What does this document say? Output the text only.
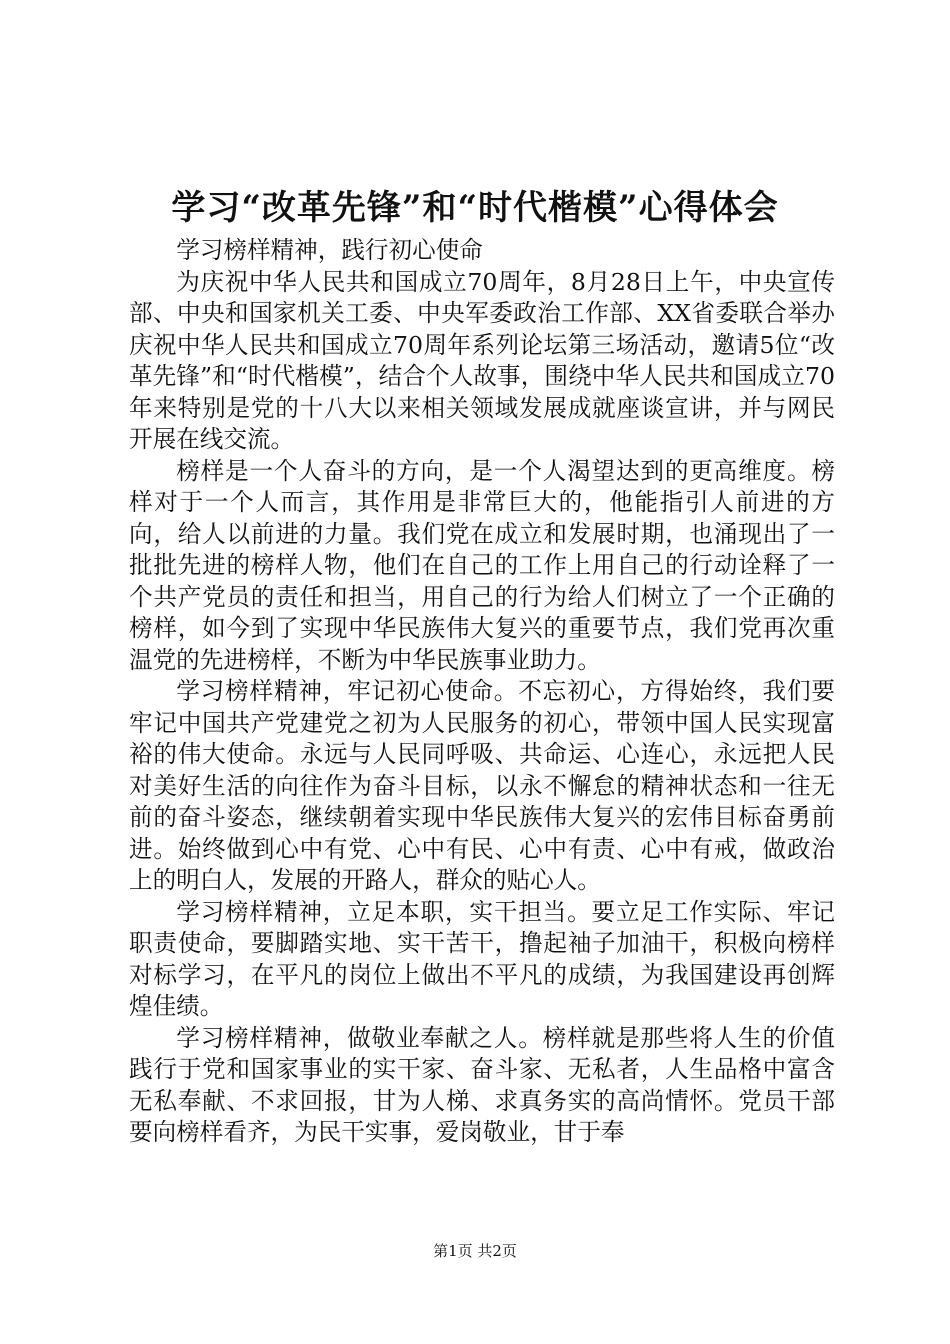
学习“改革先锋”和“时代楷模”心得体会

学习榜样精神，践行初心使命

为庆祝中华人民共和国成立70周年，8月28日上午，中央宣传部、中央和国家机关工委、中央军委政治工作部、XX省委联合举办庆祝中华人民共和国成立70周年系列论坛第三场活动，邀请5位“改革先锋”和“时代楷模”，结合个人故事，围绕中华人民共和国成立70年来特别是党的十八大以来相关领域发展成就座谈宣讲，并与网民开展在线交流。

榜样是一个人奋斗的方向，是一个人渴望达到的更高维度。榜样对于一个人而言，其作用是非常巨大的，他能指引人前进的方向，给人以前进的力量。我们党在成立和发展时期，也涌现出了一批批先进的榜样人物，他们在自己的工作上用自己的行动诠释了一个共产党员的责任和担当，用自己的行为给人们树立了一个正确的榜样，如今到了实现中华民族伟大复兴的重要节点，我们党再次重温党的先进榜样，不断为中华民族事业助力。

学习榜样精神，牢记初心使命。不忘初心，方得始终，我们要牢记中国共产党建党之初为人民服务的初心，带领中国人民实现富裕的伟大使命。永远与人民同呼吸、共命运、心连心，永远把人民对美好生活的向往作为奋斗目标，以永不懈怠的精神状态和一往无前的奋斗姿态，继续朝着实现中华民族伟大复兴的宏伟目标奋勇前进。始终做到心中有党、心中有民、心中有责、心中有戒，做政治上的明白人，发展的开路人，群众的贴心人。

学习榜样精神，立足本职，实干担当。要立足工作实际、牢记职责使命，要脚踏实地、实干苦干，撸起袖子加油干，积极向榜样对标学习，在平凡的岗位上做出不平凡的成绩，为我国建设再创辉煌佳绩。

学习榜样精神，做敬业奉献之人。榜样就是那些将人生的价值践行于党和国家事业的实干家、奋斗家、无私者，人生品格中富含无私奉献、不求回报，甘为人梯、求真务实的高尚情怀。党员干部要向榜样看齐，为民干实事，爱岗敬业，甘于奉

第1页 共2页
